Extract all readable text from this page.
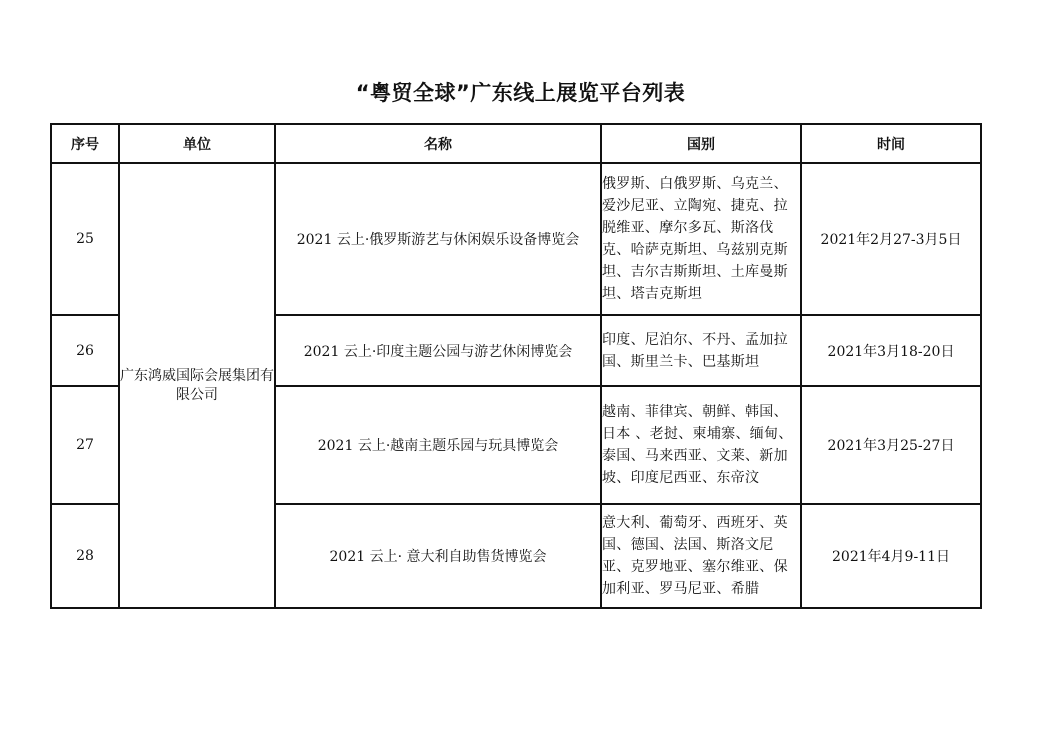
“粤贸全球”广东线上展览平台列表
序号	单位	名称	国别	时间
25	广东鸿威国际会展集团有限公司	2021 云上·俄罗斯游艺与休闲娱乐设备博览会	俄罗斯、白俄罗斯、乌克兰、爱沙尼亚、立陶宛、捷克、拉脱维亚、摩尔多瓦、斯洛伐克、哈萨克斯坦、乌兹别克斯坦、吉尔吉斯斯坦、土库曼斯坦、塔吉克斯坦	2021年2月27-3月5日
26		2021 云上·印度主题公园与游艺休闲博览会	印度、尼泊尔、不丹、孟加拉国、斯里兰卡、巴基斯坦	2021年3月18-20日
27		2021 云上·越南主题乐园与玩具博览会	越南、菲律宾、朝鲜、韩国、日本 、老挝、柬埔寨、缅甸、泰国、马来西亚、文莱、新加坡、印度尼西亚、东帝汶	2021年3月25-27日
28		2021 云上· 意大利自助售货博览会	意大利、葡萄牙、西班牙、英国、德国、法国、斯洛文尼亚、克罗地亚、塞尔维亚、保加利亚、罗马尼亚、希腊	2021年4月9-11日
